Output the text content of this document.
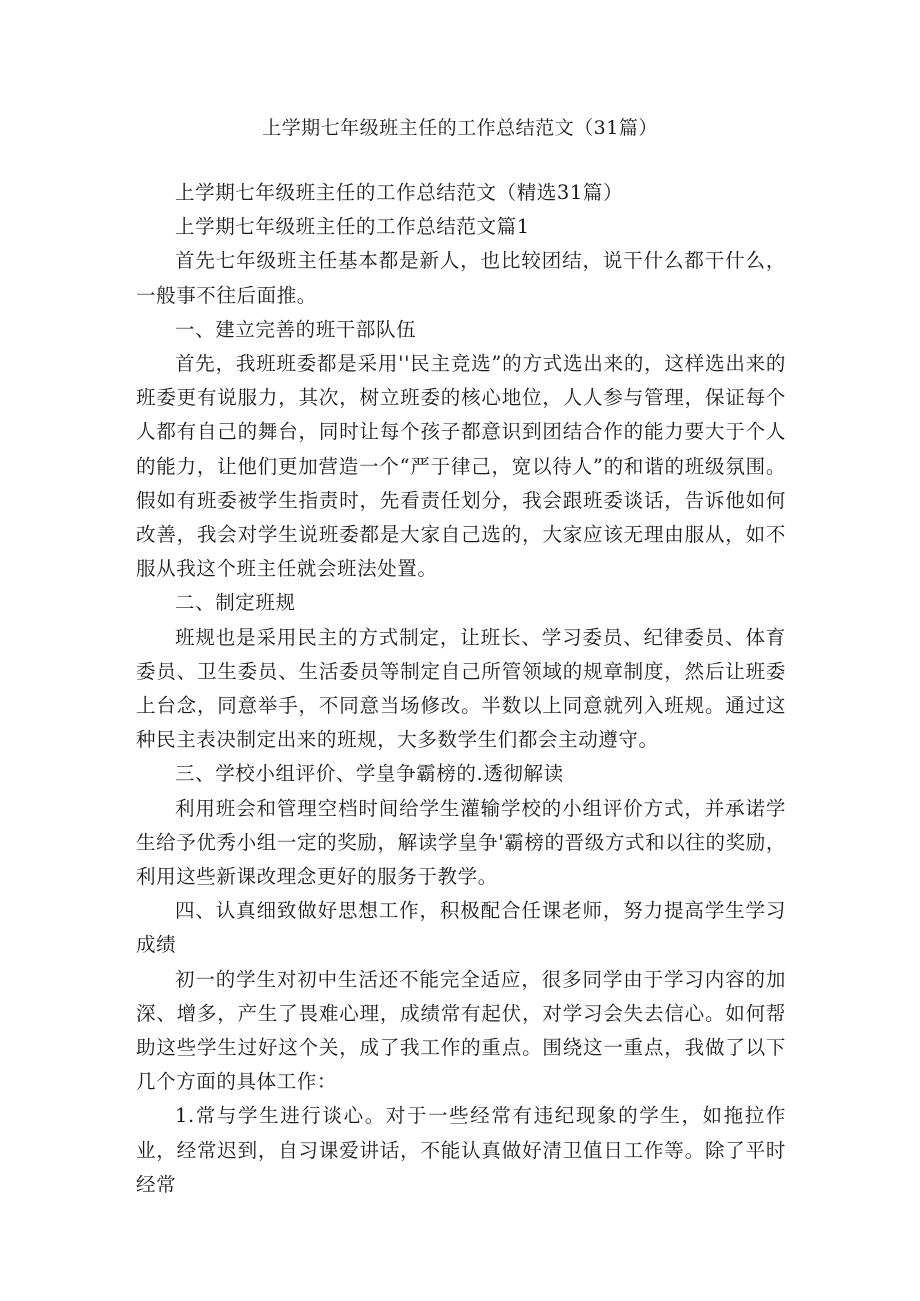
上学期七年级班主任的工作总结范文（31篇）

上学期七年级班主任的工作总结范文（精选31篇）

上学期七年级班主任的工作总结范文篇1

首先七年级班主任基本都是新人，也比较团结，说干什么都干什么，一般事不往后面推。

一、建立完善的班干部队伍

首先，我班班委都是采用''民主竞选”的方式选出来的，这样选出来的班委更有说服力，其次，树立班委的核心地位，人人参与管理，保证每个人都有自己的舞台，同时让每个孩子都意识到团结合作的能力要大于个人的能力，让他们更加营造一个“严于律己，宽以待人”的和谐的班级氛围。假如有班委被学生指责时，先看责任划分，我会跟班委谈话，告诉他如何改善，我会对学生说班委都是大家自己选的，大家应该无理由服从，如不服从我这个班主任就会班法处置。

二、制定班规

班规也是采用民主的方式制定，让班长、学习委员、纪律委员、体育委员、卫生委员、生活委员等制定自己所管领域的规章制度，然后让班委上台念，同意举手，不同意当场修改。半数以上同意就列入班规。通过这种民主表决制定出来的班规，大多数学生们都会主动遵守。

三、学校小组评价、学皇争霸榜的.透彻解读

利用班会和管理空档时间给学生灌输学校的小组评价方式，并承诺学生给予优秀小组一定的奖励，解读学皇争'霸榜的晋级方式和以往的奖励，利用这些新课改理念更好的服务于教学。

四、认真细致做好思想工作，积极配合任课老师，努力提高学生学习成绩

初一的学生对初中生活还不能完全适应，很多同学由于学习内容的加深、增多，产生了畏难心理，成绩常有起伏，对学习会失去信心。如何帮助这些学生过好这个关，成了我工作的重点。围绕这一重点，我做了以下几个方面的具体工作：

1.常与学生进行谈心。对于一些经常有违纪现象的学生，如拖拉作业，经常迟到，自习课爱讲话，不能认真做好清卫值日工作等。除了平时经常
